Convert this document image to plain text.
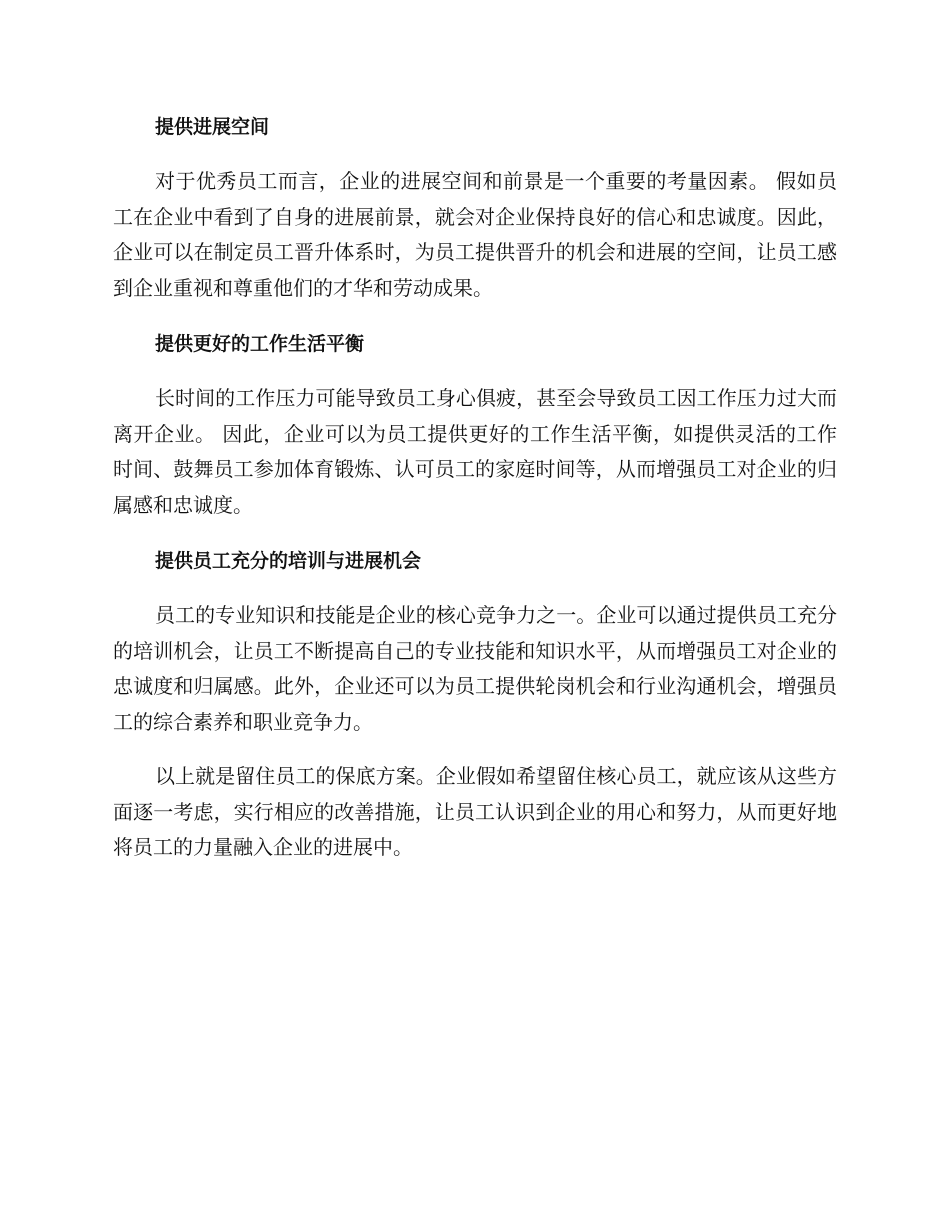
提供进展空间

对于优秀员工而言，企业的进展空间和前景是一个重要的考量因素。 假如员工在企业中看到了自身的进展前景，就会对企业保持良好的信心和忠诚度。因此，企业可以在制定员工晋升体系时，为员工提供晋升的机会和进展的空间，让员工感到企业重视和尊重他们的才华和劳动成果。

提供更好的工作生活平衡

长时间的工作压力可能导致员工身心俱疲，甚至会导致员工因工作压力过大而离开企业。 因此，企业可以为员工提供更好的工作生活平衡，如提供灵活的工作时间、鼓舞员工参加体育锻炼、认可员工的家庭时间等，从而增强员工对企业的归属感和忠诚度。

提供员工充分的培训与进展机会

员工的专业知识和技能是企业的核心竞争力之一。企业可以通过提供员工充分的培训机会，让员工不断提高自己的专业技能和知识水平，从而增强员工对企业的忠诚度和归属感。此外，企业还可以为员工提供轮岗机会和行业沟通机会，增强员工的综合素养和职业竞争力。

以上就是留住员工的保底方案。企业假如希望留住核心员工，就应该从这些方面逐一考虑，实行相应的改善措施，让员工认识到企业的用心和努力，从而更好地将员工的力量融入企业的进展中。
